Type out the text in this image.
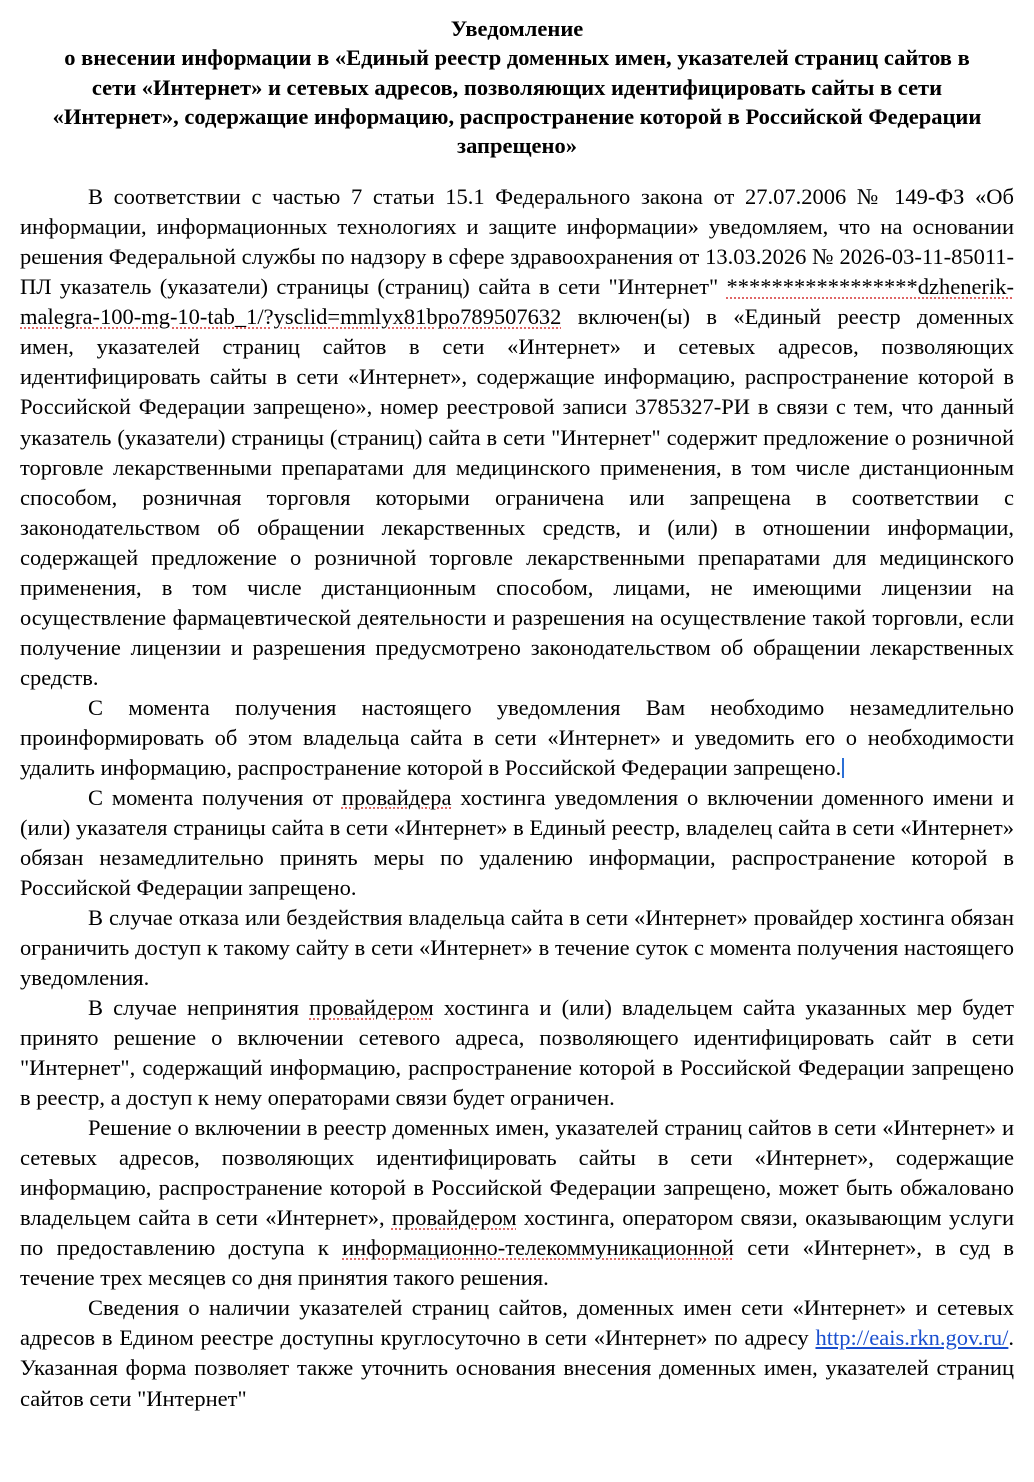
Уведомление
о внесении информации в «Единый реестр доменных имен, указателей страниц сайтов в сети «Интернет» и сетевых адресов, позволяющих идентифицировать сайты в сети «Интернет», содержащие информацию, распространение которой в Российской Федерации запрещено»

В соответствии с частью 7 статьи 15.1 Федерального закона от 27.07.2006 № 149-ФЗ «Об информации, информационных технологиях и защите информации» уведомляем, что на основании решения Федеральной службы по надзору в сфере здравоохранения от 13.03.2026 № 2026-03-11-85011-ПЛ указатель (указатели) страницы (страниц) сайта в сети "Интернет" *****************dzhenerik-malegra-100-mg-10-tab_1/?ysclid=mmlyx81bpo789507632 включен(ы) в «Единый реестр доменных имен, указателей страниц сайтов в сети «Интернет» и сетевых адресов, позволяющих идентифицировать сайты в сети «Интернет», содержащие информацию, распространение которой в Российской Федерации запрещено», номер реестровой записи 3785327-РИ в связи с тем, что данный указатель (указатели) страницы (страниц) сайта в сети "Интернет" содержит предложение о розничной торговле лекарственными препаратами для медицинского применения, в том числе дистанционным способом, розничная торговля которыми ограничена или запрещена в соответствии с законодательством об обращении лекарственных средств, и (или) в отношении информации, содержащей предложение о розничной торговле лекарственными препаратами для медицинского применения, в том числе дистанционным способом, лицами, не имеющими лицензии на осуществление фармацевтической деятельности и разрешения на осуществление такой торговли, если получение лицензии и разрешения предусмотрено законодательством об обращении лекарственных средств.

С момента получения настоящего уведомления Вам необходимо незамедлительно проинформировать об этом владельца сайта в сети «Интернет» и уведомить его о необходимости удалить информацию, распространение которой в Российской Федерации запрещено.

С момента получения от провайдера хостинга уведомления о включении доменного имени и (или) указателя страницы сайта в сети «Интернет» в Единый реестр, владелец сайта в сети «Интернет» обязан незамедлительно принять меры по удалению информации, распространение которой в Российской Федерации запрещено.

В случае отказа или бездействия владельца сайта в сети «Интернет» провайдер хостинга обязан ограничить доступ к такому сайту в сети «Интернет» в течение суток с момента получения настоящего уведомления.

В случае непринятия провайдером хостинга и (или) владельцем сайта указанных мер будет принято решение о включении сетевого адреса, позволяющего идентифицировать сайт в сети "Интернет", содержащий информацию, распространение которой в Российской Федерации запрещено в реестр, а доступ к нему операторами связи будет ограничен.

Решение о включении в реестр доменных имен, указателей страниц сайтов в сети «Интернет» и сетевых адресов, позволяющих идентифицировать сайты в сети «Интернет», содержащие информацию, распространение которой в Российской Федерации запрещено, может быть обжаловано владельцем сайта в сети «Интернет», провайдером хостинга, оператором связи, оказывающим услуги по предоставлению доступа к информационно-телекоммуникационной сети «Интернет», в суд в течение трех месяцев со дня принятия такого решения.

Сведения о наличии указателей страниц сайтов, доменных имен сети «Интернет» и сетевых адресов в Едином реестре доступны круглосуточно в сети «Интернет» по адресу http://eais.rkn.gov.ru/. Указанная форма позволяет также уточнить основания внесения доменных имен, указателей страниц сайтов сети "Интернет"
